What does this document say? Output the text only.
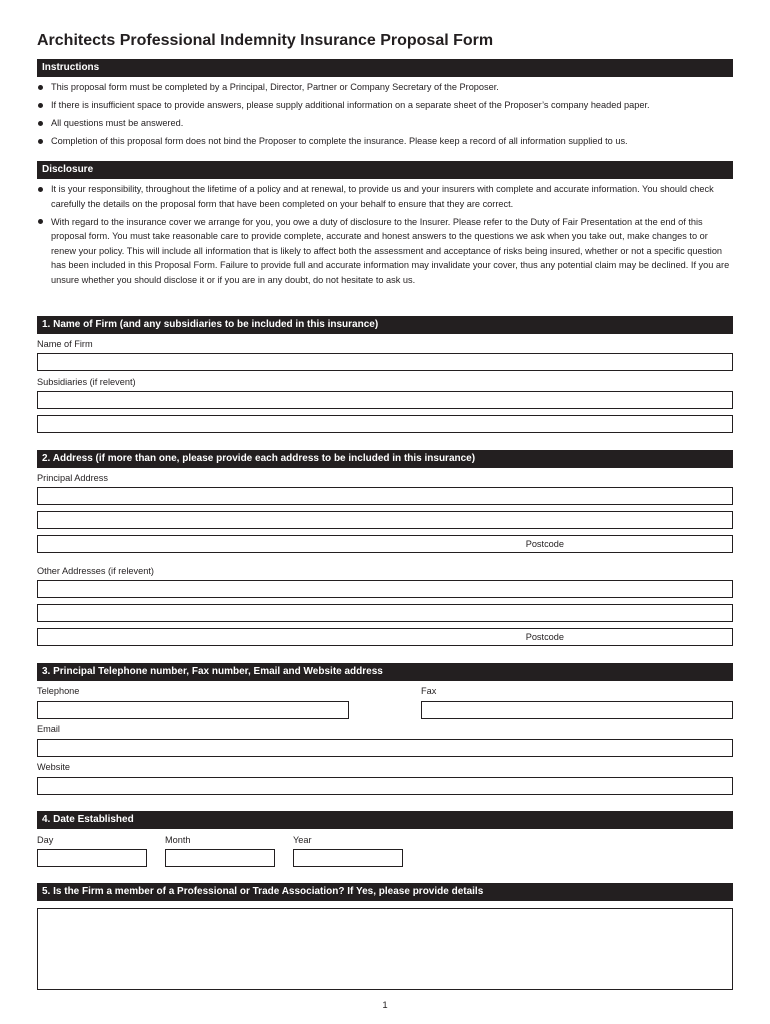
Architects Professional Indemnity Insurance Proposal Form
Instructions
This proposal form must be completed by a Principal, Director, Partner or Company Secretary of the Proposer.
If there is insufficient space to provide answers, please supply additional information on a separate sheet of the Proposer’s company headed paper.
All questions must be answered.
Completion of this proposal form does not bind the Proposer to complete the insurance. Please keep a record of all information supplied to us.
Disclosure
It is your responsibility, throughout the lifetime of a policy and at renewal, to provide us and your insurers with complete and accurate information. You should check carefully the details on the proposal form that have been completed on your behalf to ensure that they are correct.
With regard to the insurance cover we arrange for you, you owe a duty of disclosure to the Insurer. Please refer to the Duty of Fair Presentation at the end of this proposal form. You must take reasonable care to provide complete, accurate and honest answers to the questions we ask when you take out, make changes to or renew your policy. This will include all information that is likely to affect both the assessment and acceptance of risks being insured, whether or not a specific question has been included in this Proposal Form. Failure to provide full and accurate information may invalidate your cover, thus any potential claim may be declined. If you are unsure whether you should disclose it or if you are in any doubt, do not hesitate to ask us.
1. Name of Firm (and any subsidiaries to be included in this insurance)
Name of Firm
Subsidiaries (if relevent)
2. Address (if more than one, please provide each address to be included in this insurance)
Principal Address
Postcode
Other Addresses (if relevent)
Postcode
3. Principal Telephone number, Fax number, Email and Website address
Telephone	Fax
Email
Website
4. Date Established
Day	Month	Year
5. Is the Firm a member of a Professional or Trade Association? If Yes, please provide details
1
